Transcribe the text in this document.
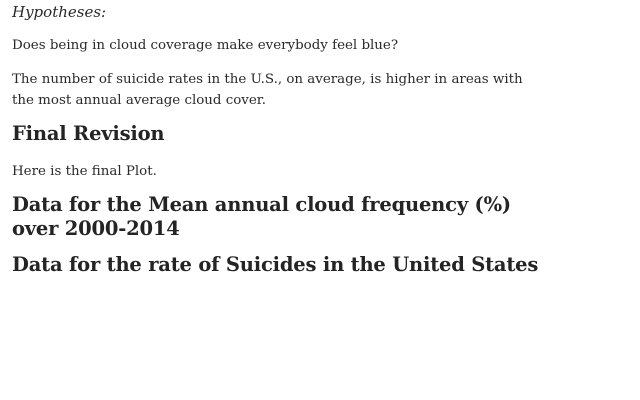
Hypotheses:

Does being in cloud coverage make everybody feel blue?

The number of suicide rates in the U.S., on average, is higher in areas with the most annual average cloud cover.

Final Revision

Here is the final Plot.

Data for the Mean annual cloud frequency (%) over 2000-2014
Data for the rate of Suicides in the United States
